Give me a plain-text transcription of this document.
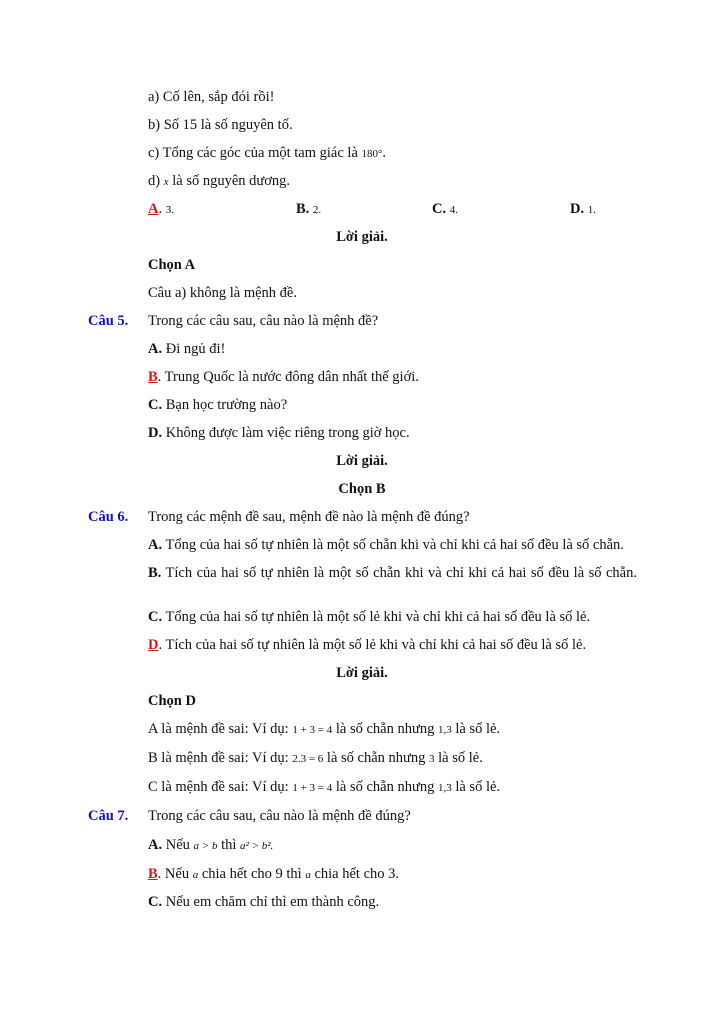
a) Cố lên, sắp đói rồi!
b) Số 15 là số nguyên tố.
c) Tổng các góc của một tam giác là 180°.
d) x là số nguyên dương.
A. 3.	B. 2.	C. 4.	D. 1.
Lời giải.
Chọn A
Câu a) không là mệnh đề.
Câu 5. Trong các câu sau, câu nào là mệnh đề?
A. Đi ngủ đi!
B. Trung Quốc là nước đông dân nhất thế giới.
C. Bạn học trường nào?
D. Không được làm việc riêng trong giờ học.
Lời giải.
Chọn B
Câu 6. Trong các mệnh đề sau, mệnh đề nào là mệnh đề đúng?
A. Tổng của hai số tự nhiên là một số chẵn khi và chỉ khi cả hai số đều là số chẵn.
B. Tích của hai số tự nhiên là một số chẵn khi và chỉ khi cả hai số đều là số chẵn.
C. Tổng của hai số tự nhiên là một số lẻ khi và chỉ khi cả hai số đều là số lẻ.
D. Tích của hai số tự nhiên là một số lẻ khi và chỉ khi cả hai số đều là số lẻ.
Lời giải.
Chọn D
A là mệnh đề sai: Ví dụ: 1 + 3 = 4 là số chẵn nhưng 1,3 là số lẻ.
B là mệnh đề sai: Ví dụ: 2.3 = 6 là số chẵn nhưng 3 là số lẻ.
C là mệnh đề sai: Ví dụ: 1 + 3 = 4 là số chẵn nhưng 1,3 là số lẻ.
Câu 7. Trong các câu sau, câu nào là mệnh đề đúng?
A. Nếu a > b thì a² > b².
B. Nếu a chia hết cho 9 thì a chia hết cho 3.
C. Nếu em chăm chỉ thì em thành công.
